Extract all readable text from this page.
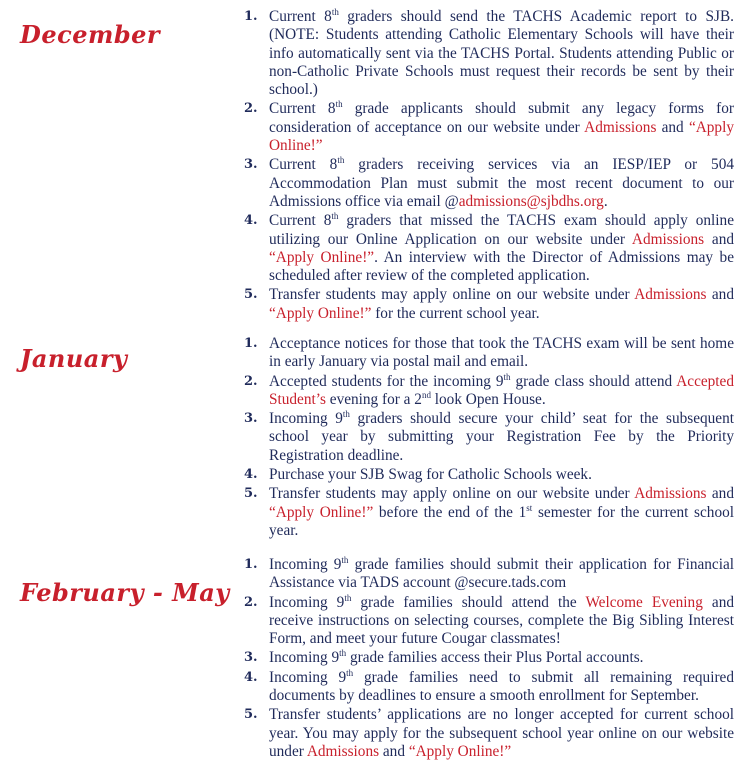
December
1. Current 8th graders should send the TACHS Academic report to SJB. (NOTE: Students attending Catholic Elementary Schools will have their info automatically sent via the TACHS Portal. Students attending Public or non-Catholic Private Schools must request their records be sent by their school.)
2. Current 8th grade applicants should submit any legacy forms for consideration of acceptance on our website under Admissions and “Apply Online!”
3. Current 8th graders receiving services via an IESP/IEP or 504 Accommodation Plan must submit the most recent document to our Admissions office via email @admissions@sjbdhs.org.
4. Current 8th graders that missed the TACHS exam should apply online utilizing our Online Application on our website under Admissions and “Apply Online!”. An interview with the Director of Admissions may be scheduled after review of the completed application.
5. Transfer students may apply online on our website under Admissions and “Apply Online!” for the current school year.
January
1. Acceptance notices for those that took the TACHS exam will be sent home in early January via postal mail and email.
2. Accepted students for the incoming 9th grade class should attend Accepted Student’s evening for a 2nd look Open House.
3. Incoming 9th graders should secure your child’ seat for the subsequent school year by submitting your Registration Fee by the Priority Registration deadline.
4. Purchase your SJB Swag for Catholic Schools week.
5. Transfer students may apply online on our website under Admissions and “Apply Online!” before the end of the 1st semester for the current school year.
February - May
1. Incoming 9th grade families should submit their application for Financial Assistance via TADS account @secure.tads.com
2. Incoming 9th grade families should attend the Welcome Evening and receive instructions on selecting courses, complete the Big Sibling Interest Form, and meet your future Cougar classmates!
3. Incoming 9th grade families access their Plus Portal accounts.
4. Incoming 9th grade families need to submit all remaining required documents by deadlines to ensure a smooth enrollment for September.
5. Transfer students’ applications are no longer accepted for current school year. You may apply for the subsequent school year online on our website under Admissions and “Apply Online!”
